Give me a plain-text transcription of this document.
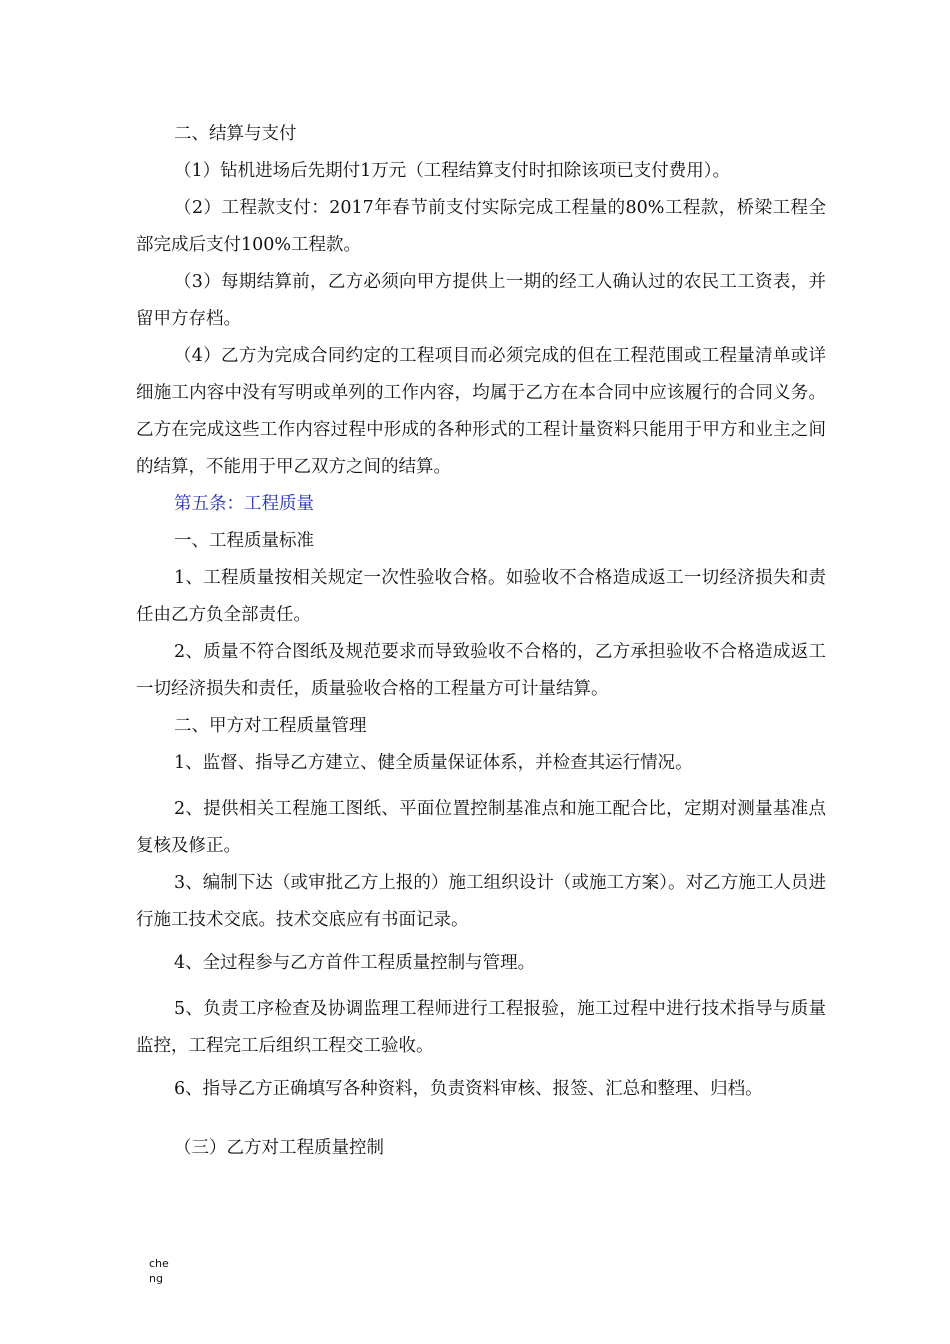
二、结算与支付

（1）钻机进场后先期付1万元（工程结算支付时扣除该项已支付费用）。

（2）工程款支付：2017年春节前支付实际完成工程量的80%工程款，桥梁工程全部完成后支付100%工程款。

（3）每期结算前，乙方必须向甲方提供上一期的经工人确认过的农民工工资表，并留甲方存档。

（4）乙方为完成合同约定的工程项目而必须完成的但在工程范围或工程量清单或详细施工内容中没有写明或单列的工作内容，均属于乙方在本合同中应该履行的合同义务。乙方在完成这些工作内容过程中形成的各种形式的工程计量资料只能用于甲方和业主之间的结算，不能用于甲乙双方之间的结算。

第五条：工程质量

一、工程质量标准

1、工程质量按相关规定一次性验收合格。如验收不合格造成返工一切经济损失和责任由乙方负全部责任。

2、质量不符合图纸及规范要求而导致验收不合格的，乙方承担验收不合格造成返工一切经济损失和责任，质量验收合格的工程量方可计量结算。

二、甲方对工程质量管理

1、监督、指导乙方建立、健全质量保证体系，并检查其运行情况。

2、提供相关工程施工图纸、平面位置控制基准点和施工配合比，定期对测量基准点复核及修正。

3、编制下达（或审批乙方上报的）施工组织设计（或施工方案）。对乙方施工人员进行施工技术交底。技术交底应有书面记录。

4、全过程参与乙方首件工程质量控制与管理。

5、负责工序检查及协调监理工程师进行工程报验，施工过程中进行技术指导与质量监控，工程完工后组织工程交工验收。

6、指导乙方正确填写各种资料，负责资料审核、报签、汇总和整理、归档。

（三）乙方对工程质量控制

che
ng
